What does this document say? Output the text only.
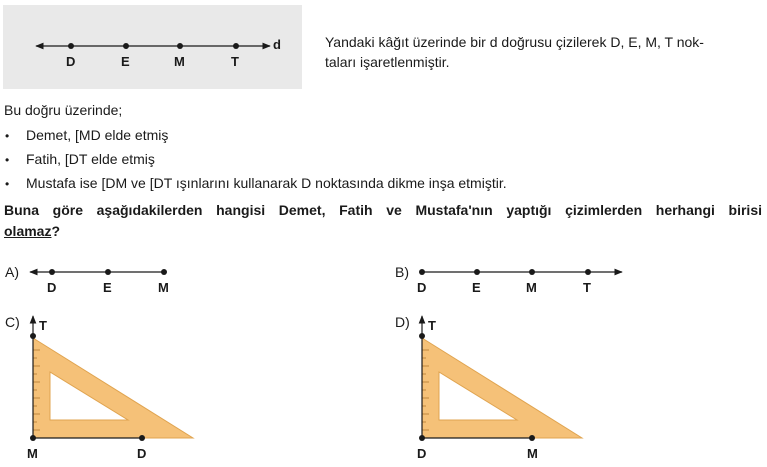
d
D	E	M	T
Yandaki kâğıt üzerinde bir d doğrusu çizilerek D, E, M, T nok-
taları işaretlenmiştir.
Bu doğru üzerinde;
• Demet, [MD elde etmiş
• Fatih, [DT elde etmiş
• Mustafa ise [DM ve [DT ışınlarını kullanarak D noktasında dikme inşa etmiştir.
Buna göre aşağıdakilerden hangisi Demet, Fatih ve Mustafa'nın yaptığı çizimlerden herhangi birisi
olamaz?
A)
D	E	M
B)
D	E	M	T
C) T
M	D
D) T
D	M
